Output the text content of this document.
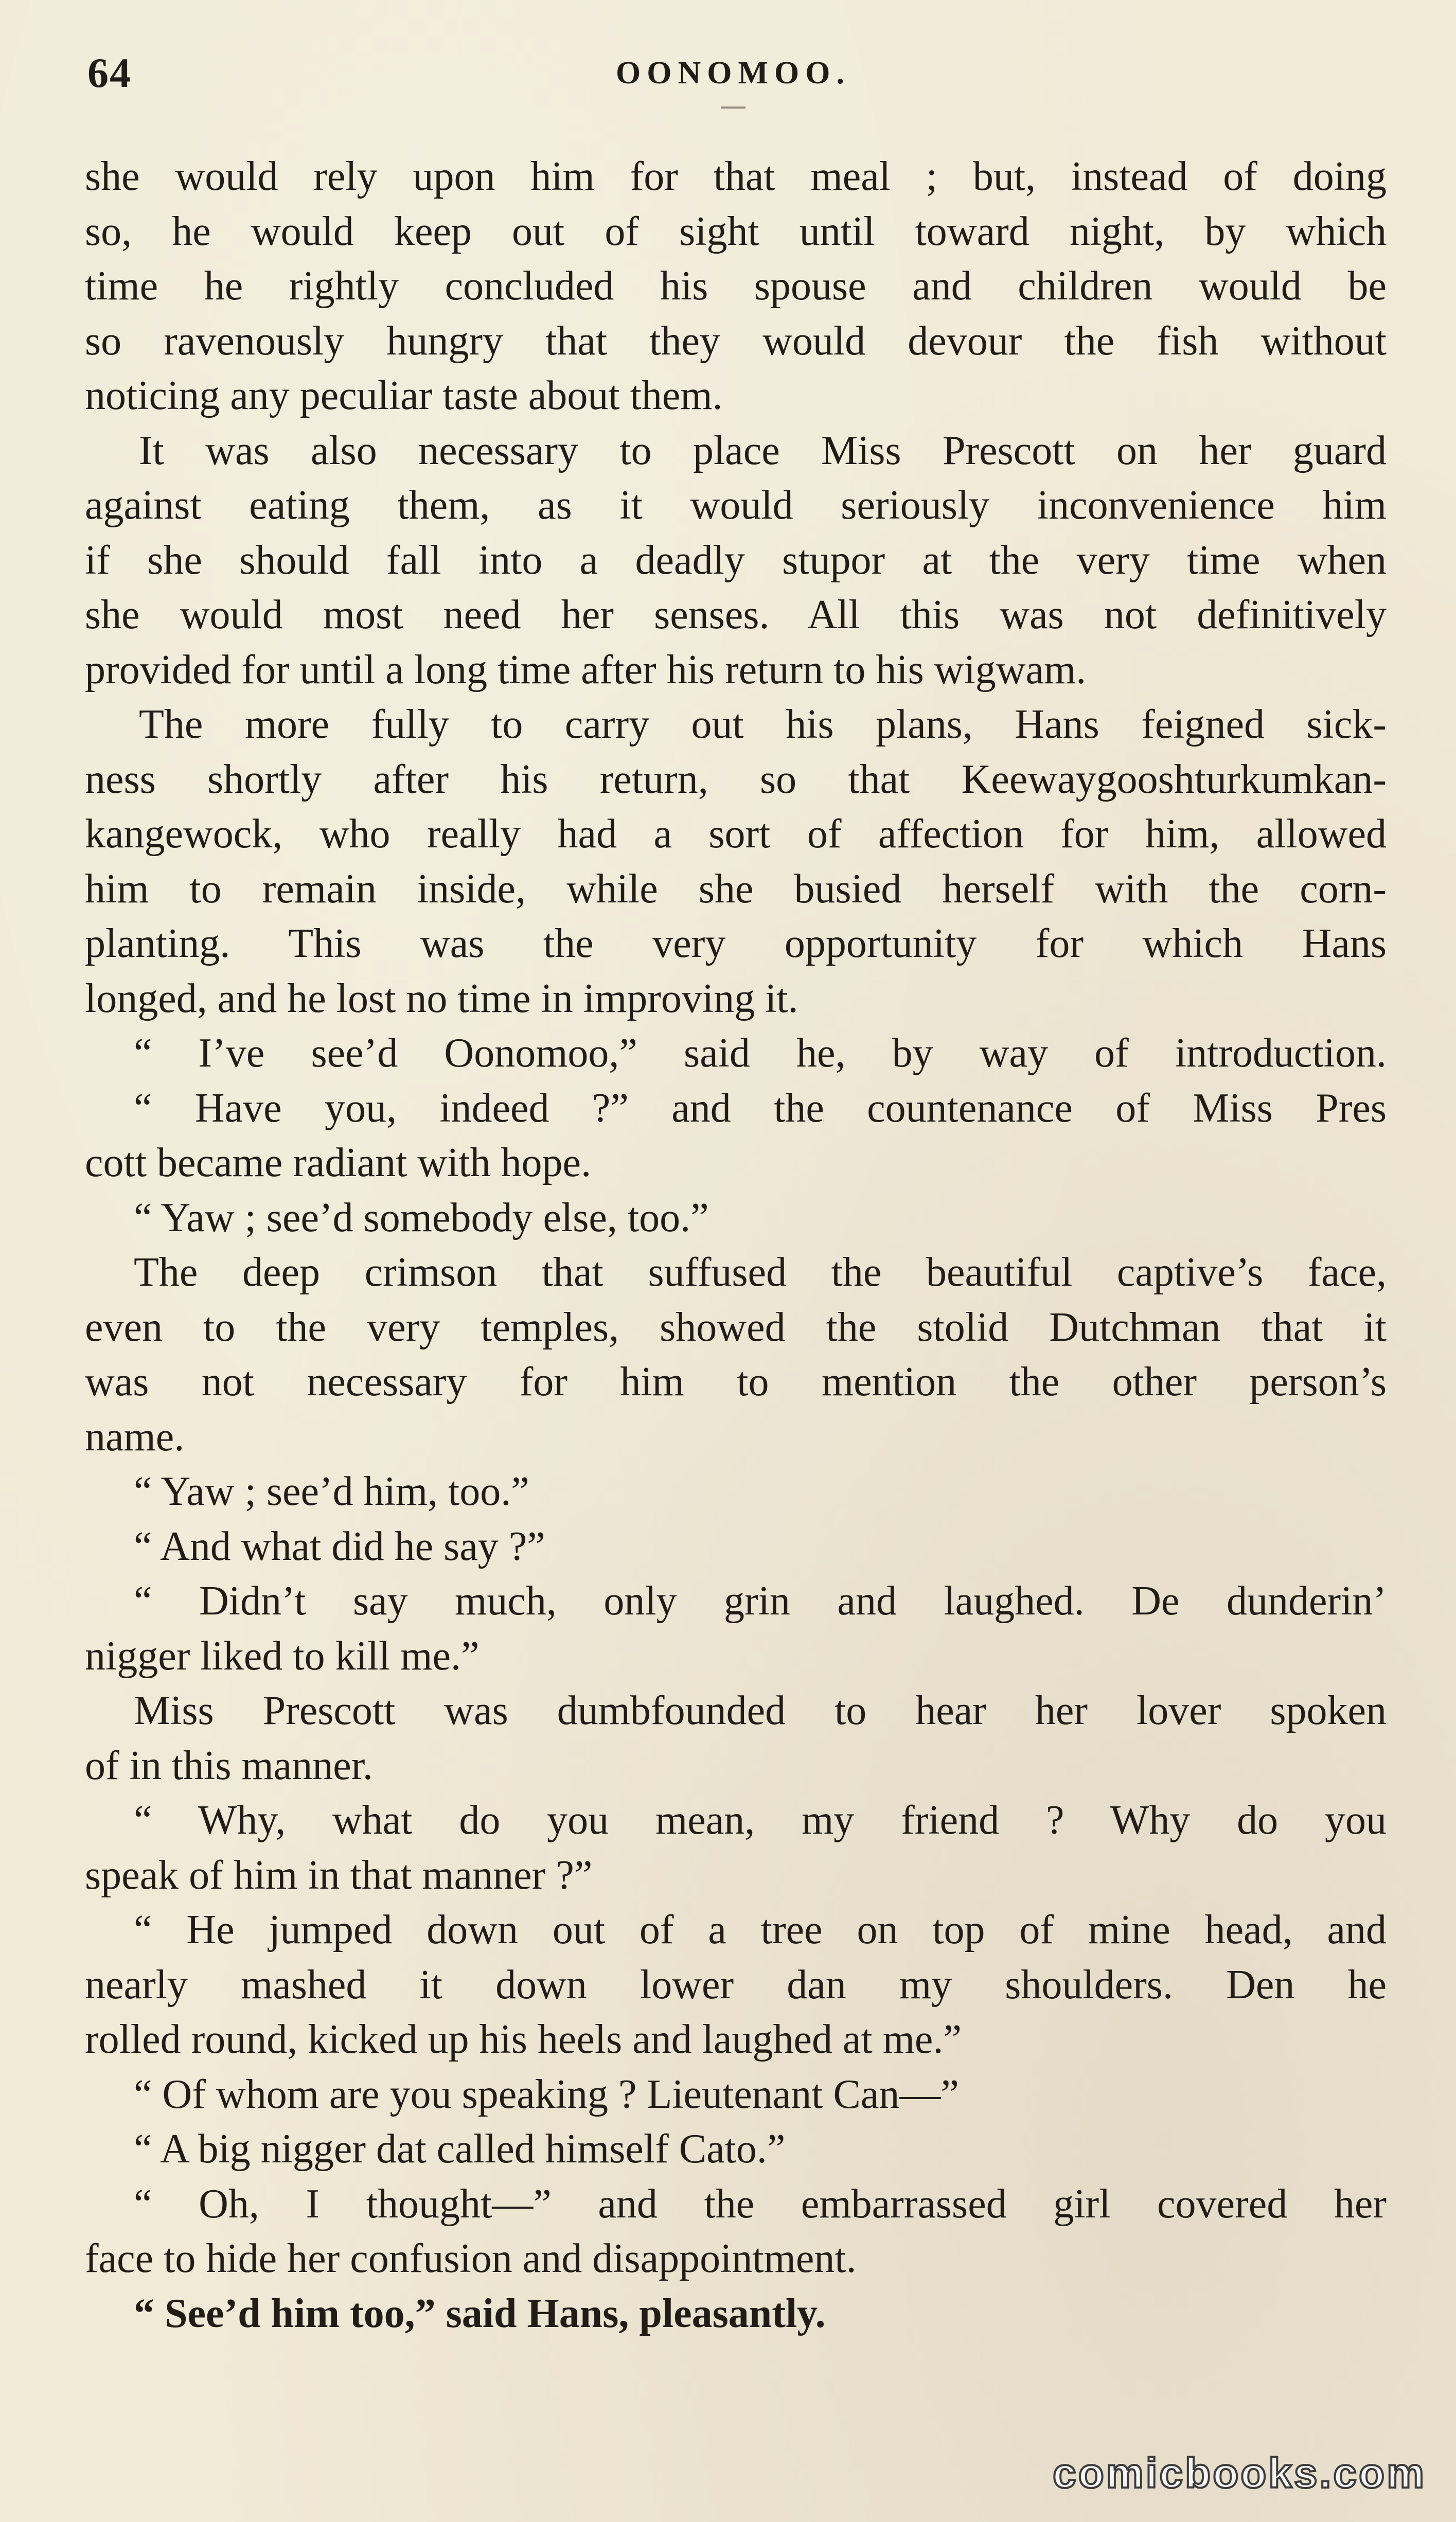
64	OONOMOO.
she would rely upon him for that meal ; but, instead of doing
so, he would keep out of sight until toward night, by which
time he rightly concluded his spouse and children would be
so ravenously hungry that they would devour the fish without
noticing any peculiar taste about them.
It was also necessary to place Miss Prescott on her guard
against eating them, as it would seriously inconvenience him
if she should fall into a deadly stupor at the very time when
she would most need her senses. All this was not definitively
provided for until a long time after his return to his wigwam.
The more fully to carry out his plans, Hans feigned sick-
ness shortly after his return, so that Keewaygooshturkumkan-
kangewock, who really had a sort of affection for him, allowed
him to remain inside, while she busied herself with the corn-
planting. This was the very opportunity for which Hans
longed, and he lost no time in improving it.
“ I’ve see’d Oonomoo,” said he, by way of introduction.
“ Have you, indeed ?” and the countenance of Miss Pres
cott became radiant with hope.
“ Yaw ; see’d somebody else, too.”
The deep crimson that suffused the beautiful captive’s face,
even to the very temples, showed the stolid Dutchman that it
was not necessary for him to mention the other person’s
name.
“ Yaw ; see’d him, too.”
“ And what did he say ?”
“ Didn’t say much, only grin and laughed. De dunderin’
nigger liked to kill me.”
Miss Prescott was dumbfounded to hear her lover spoken
of in this manner.
“ Why, what do you mean, my friend ? Why do you
speak of him in that manner ?”
“ He jumped down out of a tree on top of mine head, and
nearly mashed it down lower dan my shoulders. Den he
rolled round, kicked up his heels and laughed at me.”
“ Of whom are you speaking ? Lieutenant Can—”
“ A big nigger dat called himself Cato.”
“ Oh, I thought—” and the embarrassed girl covered her
face to hide her confusion and disappointment.
“ See’d him too,” said Hans, pleasantly.
comicbooks.com
